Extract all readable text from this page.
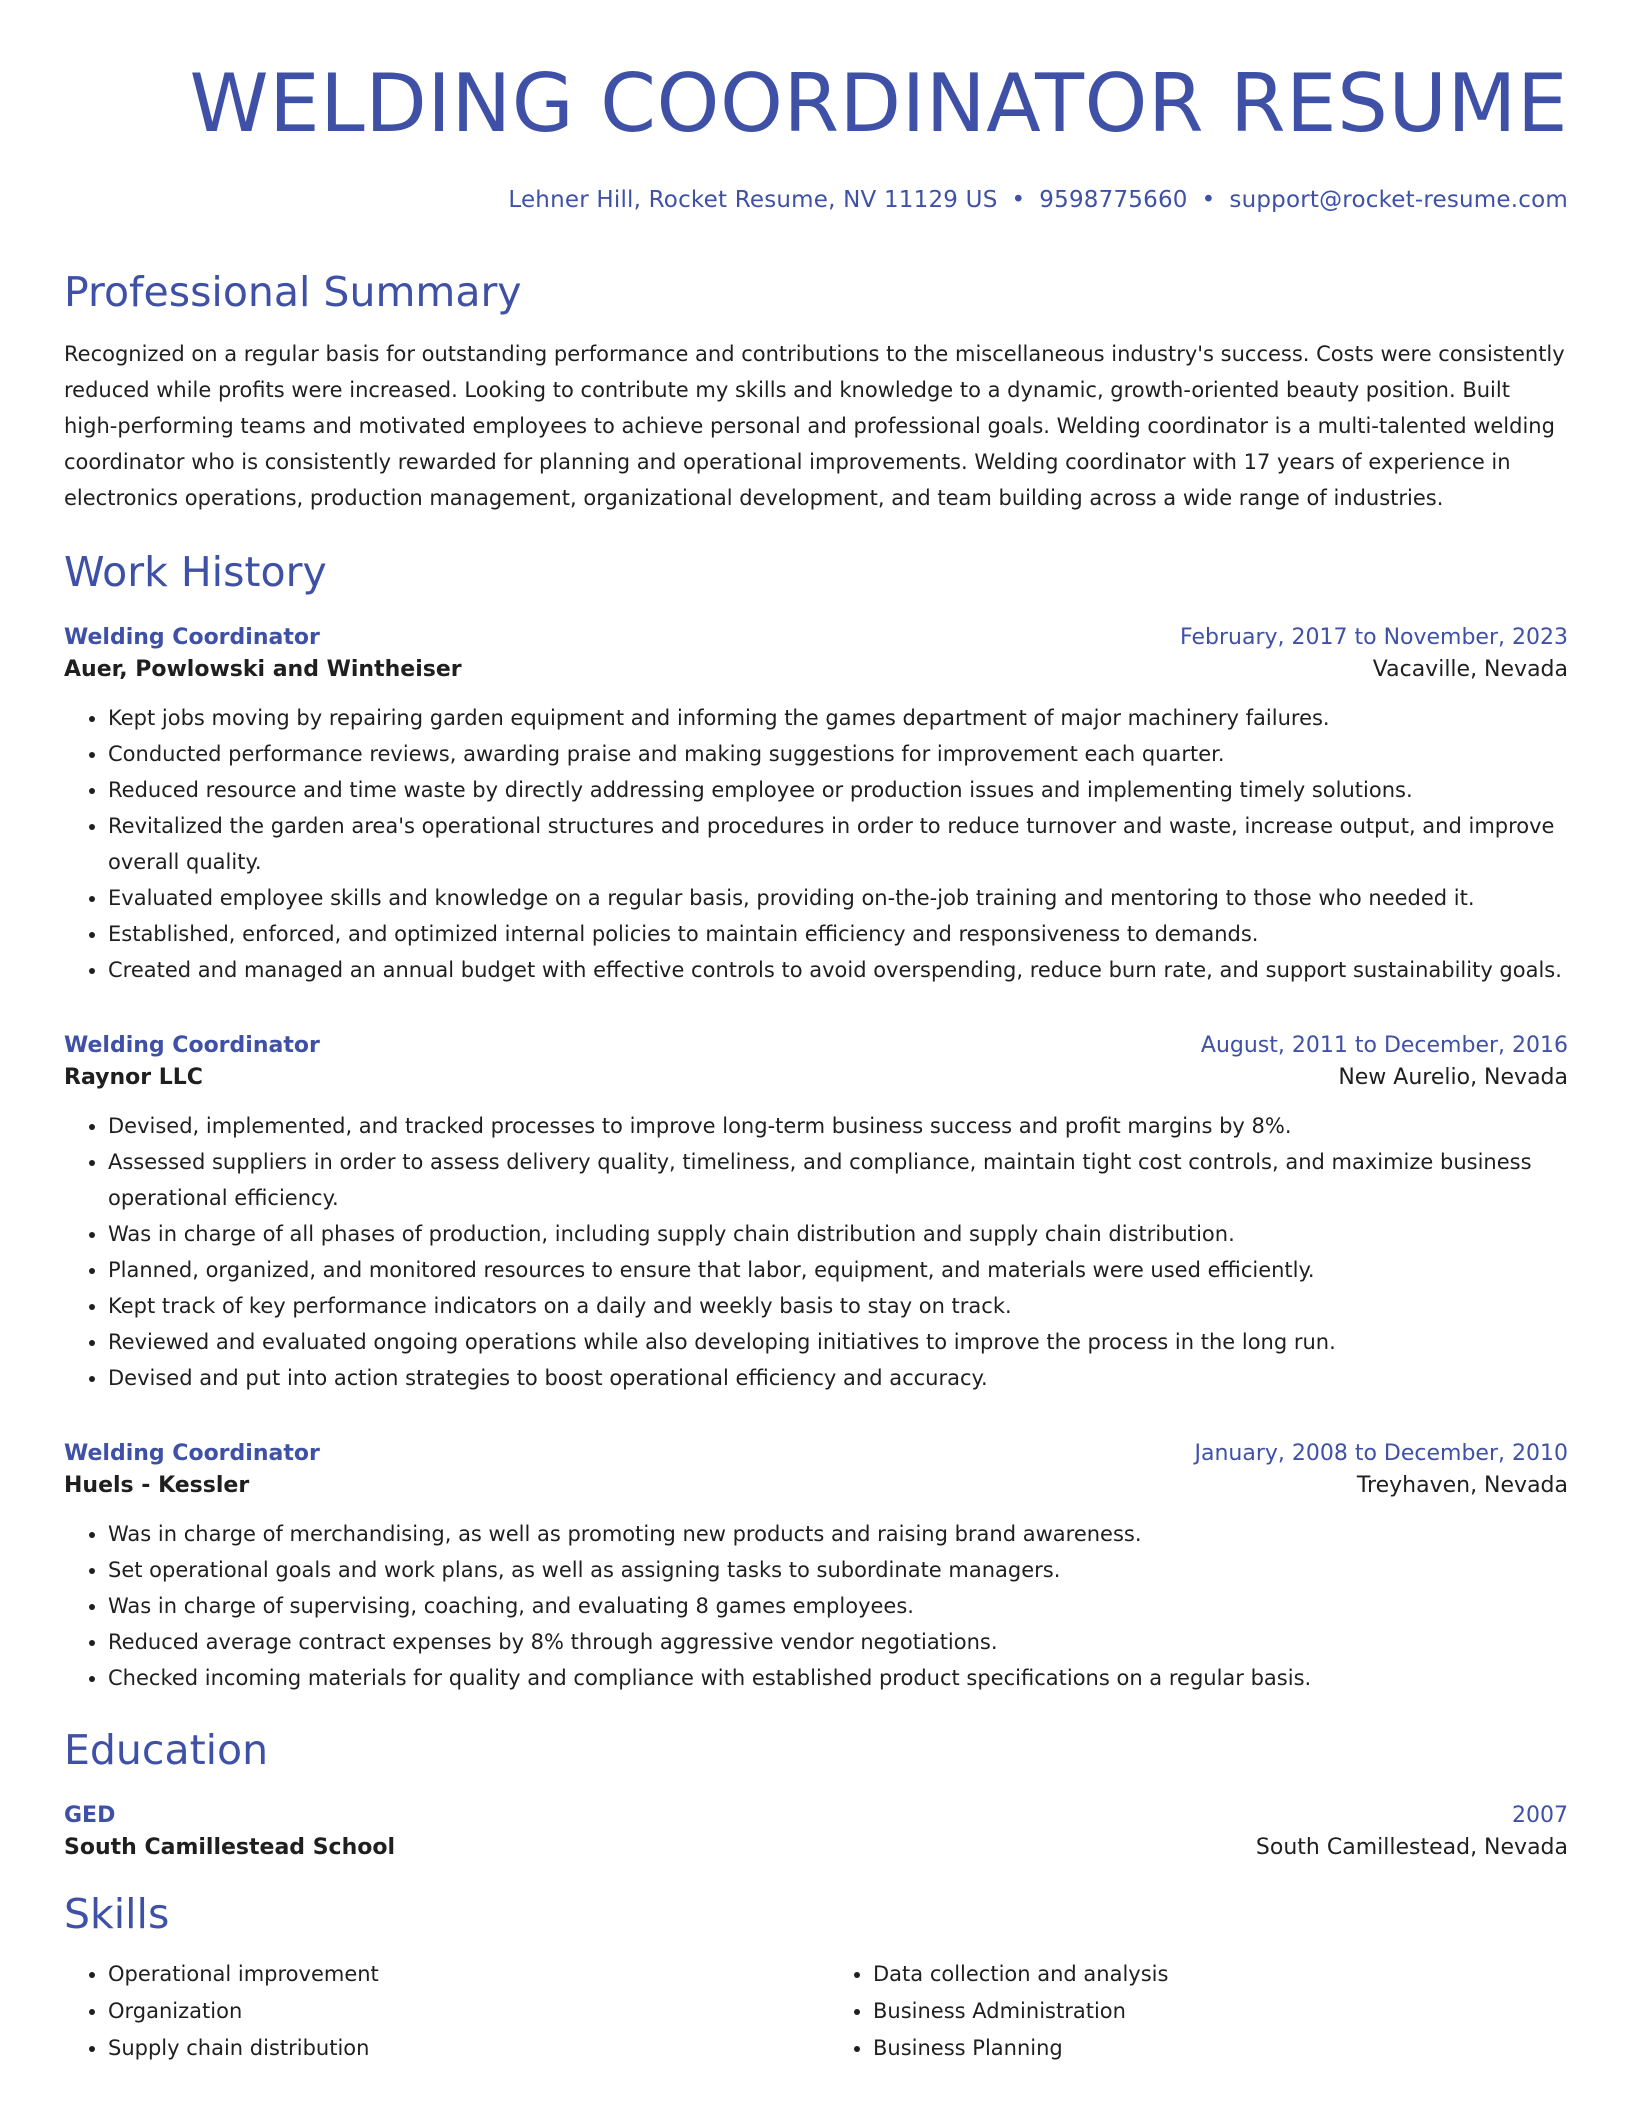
WELDING COORDINATOR RESUME
Lehner Hill, Rocket Resume, NV 11129 US • 9598775660 • support@rocket-resume.com
Professional Summary

Recognized on a regular basis for outstanding performance and contributions to the miscellaneous industry's success. Costs were consistently reduced while profits were increased. Looking to contribute my skills and knowledge to a dynamic, growth-oriented beauty position. Built high-performing teams and motivated employees to achieve personal and professional goals. Welding coordinator is a multi-talented welding coordinator who is consistently rewarded for planning and operational improvements. Welding coordinator with 17 years of experience in electronics operations, production management, organizational development, and team building across a wide range of industries.

Work History
Welding Coordinator	February, 2017 to November, 2023
Auer, Powlowski and Wintheiser	Vacaville, Nevada
• Kept jobs moving by repairing garden equipment and informing the games department of major machinery failures.
• Conducted performance reviews, awarding praise and making suggestions for improvement each quarter.
• Reduced resource and time waste by directly addressing employee or production issues and implementing timely solutions.
• Revitalized the garden area's operational structures and procedures in order to reduce turnover and waste, increase output, and improve overall quality.
• Evaluated employee skills and knowledge on a regular basis, providing on-the-job training and mentoring to those who needed it.
• Established, enforced, and optimized internal policies to maintain efficiency and responsiveness to demands.
• Created and managed an annual budget with effective controls to avoid overspending, reduce burn rate, and support sustainability goals.
Welding Coordinator	August, 2011 to December, 2016
Raynor LLC	New Aurelio, Nevada
• Devised, implemented, and tracked processes to improve long-term business success and profit margins by 8%.
• Assessed suppliers in order to assess delivery quality, timeliness, and compliance, maintain tight cost controls, and maximize business operational efficiency.
• Was in charge of all phases of production, including supply chain distribution and supply chain distribution.
• Planned, organized, and monitored resources to ensure that labor, equipment, and materials were used efficiently.
• Kept track of key performance indicators on a daily and weekly basis to stay on track.
• Reviewed and evaluated ongoing operations while also developing initiatives to improve the process in the long run.
• Devised and put into action strategies to boost operational efficiency and accuracy.
Welding Coordinator	January, 2008 to December, 2010
Huels - Kessler	Treyhaven, Nevada
• Was in charge of merchandising, as well as promoting new products and raising brand awareness.
• Set operational goals and work plans, as well as assigning tasks to subordinate managers.
• Was in charge of supervising, coaching, and evaluating 8 games employees.
• Reduced average contract expenses by 8% through aggressive vendor negotiations.
• Checked incoming materials for quality and compliance with established product specifications on a regular basis.
Education
GED	2007
South Camillestead School	South Camillestead, Nevada
Skills
• Operational improvement
• Organization
• Supply chain distribution
• Data collection and analysis
• Business Administration
• Business Planning
